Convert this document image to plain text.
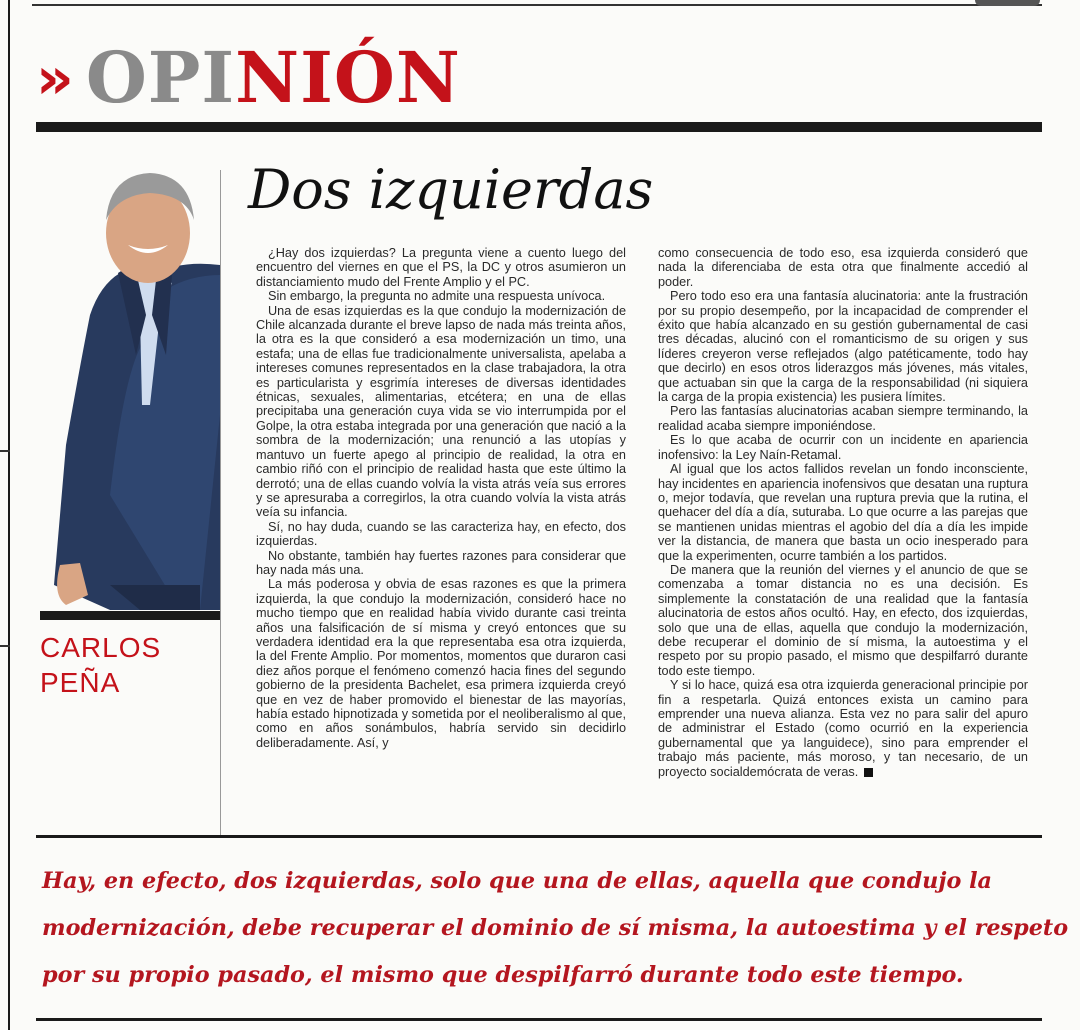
›› OPINIÓN
CARLOS
PEÑA
Dos izquierdas

¿Hay dos izquierdas? La pregunta viene a cuento luego del encuentro del viernes en que el PS, la DC y otros asumieron un distanciamiento mudo del Frente Amplio y el PC.

Sin embargo, la pregunta no admite una respuesta unívoca.

Una de esas izquierdas es la que condujo la modernización de Chile alcanzada durante el breve lapso de nada más treinta años, la otra es la que consideró a esa modernización un timo, una estafa; una de ellas fue tradicionalmente universalista, apelaba a intereses comunes representados en la clase trabajadora, la otra es particularista y esgrimía intereses de diversas identidades étnicas, sexuales, alimentarias, etcétera; en una de ellas precipitaba una generación cuya vida se vio interrumpida por el Golpe, la otra estaba integrada por una generación que nació a la sombra de la modernización; una renunció a las utopías y mantuvo un fuerte apego al principio de realidad, la otra en cambio riñó con el principio de realidad hasta que este último la derrotó; una de ellas cuando volvía la vista atrás veía sus errores y se apresuraba a corregirlos, la otra cuando volvía la vista atrás veía su infancia.

Sí, no hay duda, cuando se las caracteriza hay, en efecto, dos izquierdas.

No obstante, también hay fuertes razones para considerar que hay nada más una.

La más poderosa y obvia de esas razones es que la primera izquierda, la que condujo la modernización, consideró hace no mucho tiempo que en realidad había vivido durante casi treinta años una falsificación de sí misma y creyó entonces que su verdadera identidad era la que representaba esa otra izquierda, la del Frente Amplio. Por momentos, momentos que duraron casi diez años porque el fenómeno comenzó hacia fines del segundo gobierno de la presidenta Bachelet, esa primera izquierda creyó que en vez de haber promovido el bienestar de las mayorías, había estado hipnotizada y sometida por el neoliberalismo al que, como en años sonámbulos, habría servido sin decidirlo deliberadamente. Así, y

como consecuencia de todo eso, esa izquierda consideró que nada la diferenciaba de esta otra que finalmente accedió al poder.

Pero todo eso era una fantasía alucinatoria: ante la frustración por su propio desempeño, por la incapacidad de comprender el éxito que había alcanzado en su gestión gubernamental de casi tres décadas, alucinó con el romanticismo de su origen y sus líderes creyeron verse reflejados (algo patéticamente, todo hay que decirlo) en esos otros liderazgos más jóvenes, más vitales, que actuaban sin que la carga de la responsabilidad (ni siquiera la carga de la propia existencia) les pusiera límites.

Pero las fantasías alucinatorias acaban siempre terminando, la realidad acaba siempre imponiéndose.

Es lo que acaba de ocurrir con un incidente en apariencia inofensivo: la Ley Naín-Retamal.

Al igual que los actos fallidos revelan un fondo inconsciente, hay incidentes en apariencia inofensivos que desatan una ruptura o, mejor todavía, que revelan una ruptura previa que la rutina, el quehacer del día a día, suturaba. Lo que ocurre a las parejas que se mantienen unidas mientras el agobio del día a día les impide ver la distancia, de manera que basta un ocio inesperado para que la experimenten, ocurre también a los partidos.

De manera que la reunión del viernes y el anuncio de que se comenzaba a tomar distancia no es una decisión. Es simplemente la constatación de una realidad que la fantasía alucinatoria de estos años ocultó. Hay, en efecto, dos izquierdas, solo que una de ellas, aquella que condujo la modernización, debe recuperar el dominio de sí misma, la autoestima y el respeto por su propio pasado, el mismo que despilfarró durante todo este tiempo.

Y si lo hace, quizá esa otra izquierda generacional principie por fin a respetarla. Quizá entonces exista un camino para emprender una nueva alianza. Esta vez no para salir del apuro de administrar el Estado (como ocurrió en la experiencia gubernamental que ya languidece), sino para emprender el trabajo más paciente, más moroso, y tan necesario, de un proyecto socialdemócrata de veras.

Hay, en efecto, dos izquierdas, solo que una de ellas, aquella que condujo la
modernización, debe recuperar el dominio de sí misma, la autoestima y el respeto
por su propio pasado, el mismo que despilfarró durante todo este tiempo.
